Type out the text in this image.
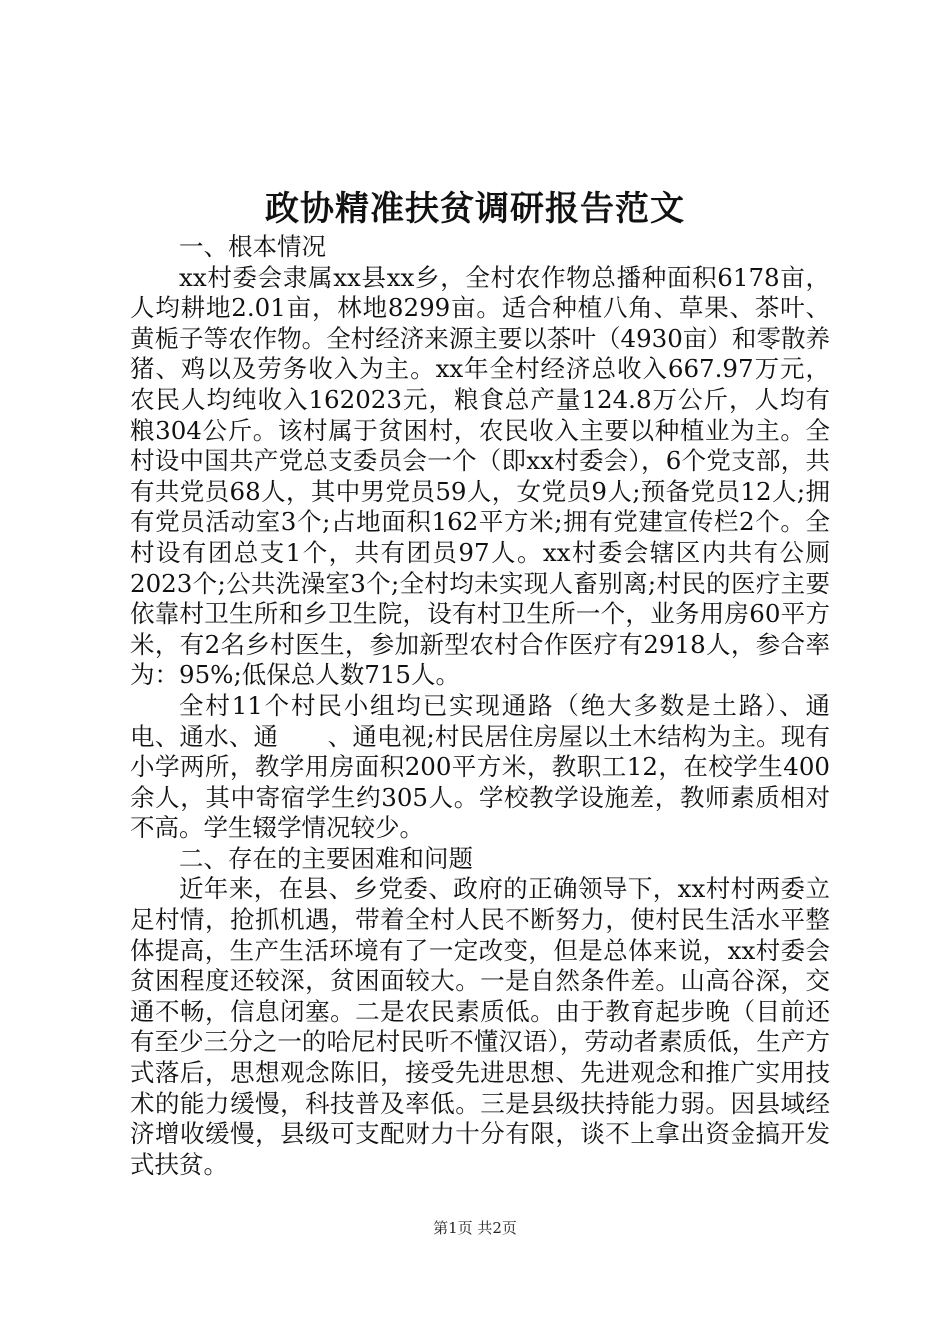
政协精准扶贫调研报告范文

一、根本情况

xx村委会隶属xx县xx乡，全村农作物总播种面积6178亩，人均耕地2.01亩，林地8299亩。适合种植八角、草果、茶叶、黄栀子等农作物。全村经济来源主要以茶叶（4930亩）和零散养猪、鸡以及劳务收入为主。xx年全村经济总收入667.97万元，农民人均纯收入162023元，粮食总产量124.8万公斤，人均有粮304公斤。该村属于贫困村，农民收入主要以种植业为主。全村设中国共产党总支委员会一个（即xx村委会），6个党支部，共有共党员68人，其中男党员59人，女党员9人;预备党员12人;拥有党员活动室3个;占地面积162平方米;拥有党建宣传栏2个。全村设有团总支1个，共有团员97人。xx村委会辖区内共有公厕2023个;公共洗澡室3个;全村均未实现人畜别离;村民的医疗主要依靠村卫生所和乡卫生院，设有村卫生所一个，业务用房60平方米，有2名乡村医生，参加新型农村合作医疗有2918人，参合率为：95%;低保总人数715人。

全村11个村民小组均已实现通路（绝大多数是土路）、通电、通水、通　　、通电视;村民居住房屋以土木结构为主。现有小学两所，教学用房面积200平方米，教职工12，在校学生400余人，其中寄宿学生约305人。学校教学设施差，教师素质相对不高。学生辍学情况较少。

二、存在的主要困难和问题

近年来，在县、乡党委、政府的正确领导下，xx村村两委立足村情，抢抓机遇，带着全村人民不断努力，使村民生活水平整体提高，生产生活环境有了一定改变，但是总体来说，xx村委会贫困程度还较深，贫困面较大。一是自然条件差。山高谷深，交通不畅，信息闭塞。二是农民素质低。由于教育起步晚（目前还有至少三分之一的哈尼村民听不懂汉语），劳动者素质低，生产方式落后，思想观念陈旧，接受先进思想、先进观念和推广实用技术的能力缓慢，科技普及率低。三是县级扶持能力弱。因县域经济增收缓慢，县级可支配财力十分有限，谈不上拿出资金搞开发式扶贫。

第1页 共2页
